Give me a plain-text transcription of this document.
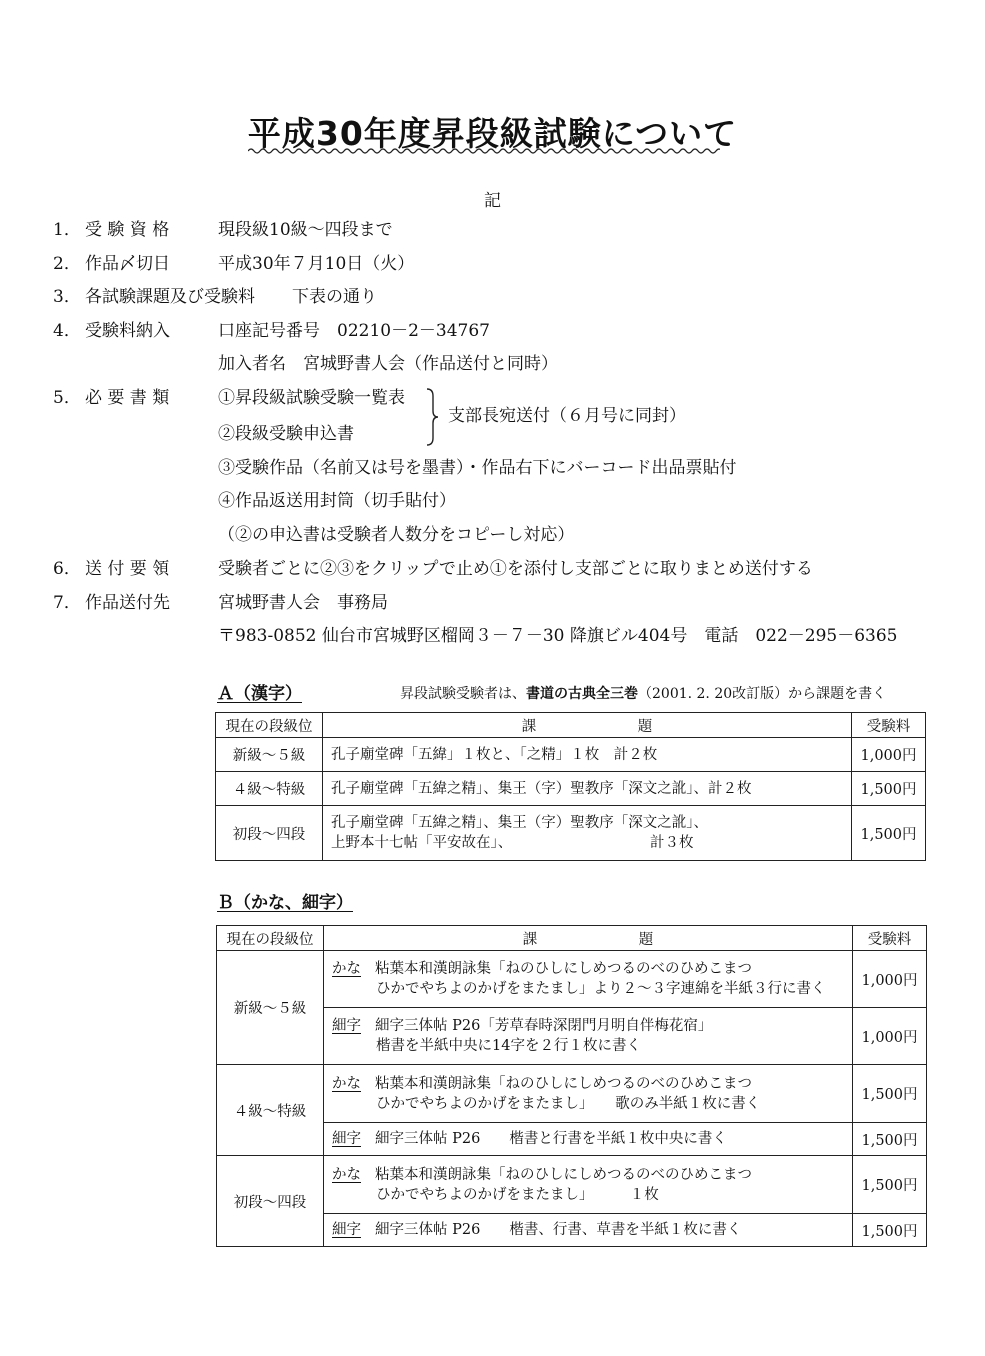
平成30年度昇段級試験について
記
1． 受 験 資 格	現段級10級〜四段まで
2． 作品〆切日	平成30年７月10日（火）
3． 各試験課題及び受験料 下表の通り
4． 受験料納入	口座記号番号　02210－2－34767
加入者名　宮城野書人会（作品送付と同時）
5． 必 要 書 類	①昇段級試験受験一覧表
②段級受験申込書
支部長宛送付（６月号に同封）
③受験作品（名前又は号を墨書）・作品右下にバーコード出品票貼付
④作品返送用封筒（切手貼付）
（②の申込書は受験者人数分をコピーし対応）
6． 送 付 要 領	受験者ごとに②③をクリップで止め①を添付し支部ごとに取りまとめ送付する
7． 作品送付先	宮城野書人会　事務局
〒983-0852 仙台市宮城野区榴岡３－７－30 降旗ビル404号　電話　022－295－6365
Ａ（漢字）	昇段試験受験者は、書道の古典全三巻（2001. 2. 20改訂版）から課題を書く
現在の段級位	課　　　　　　　題	受験料
新級〜５級	孔子廟堂碑「五緯」１枚と、「之精」１枚　計２枚	1,000円
４級〜特級	孔子廟堂碑「五緯之精」、集王（字）聖教序「深文之訛」、計２枚	1,500円
初段〜四段	孔子廟堂碑「五緯之精」、集王（字）聖教序「深文之訛」、
上野本十七帖「平安故在」、　　　　　　　　　　計３枚	1,500円
Ｂ（かな、細字）
現在の段級位	課　　　　　　　題	受験料
新級〜５級	かな 粘葉本和漢朗詠集「ねのひしにしめつるのべのひめこまつ
ひかでやちよのかげをまたまし」より２〜３字連綿を半紙３行に書く	1,000円

	細字 細字三体帖 P26「芳草春時深閉門月明自伴梅花宿」
楷書を半紙中央に14字を２行１枚に書く	1,000円
４級〜特級	かな 粘葉本和漢朗詠集「ねのひしにしめつるのべのひめこまつ
ひかでやちよのかげをまたまし」　　歌のみ半紙１枚に書く	1,500円
	細字 細字三体帖 P26　　楷書と行書を半紙１枚中央に書く	1,500円
初段〜四段	かな 粘葉本和漢朗詠集「ねのひしにしめつるのべのひめこまつ
ひかでやちよのかげをまたまし」　　　１枚	1,500円
	細字 細字三体帖 P26　　楷書、行書、草書を半紙１枚に書く	1,500円
